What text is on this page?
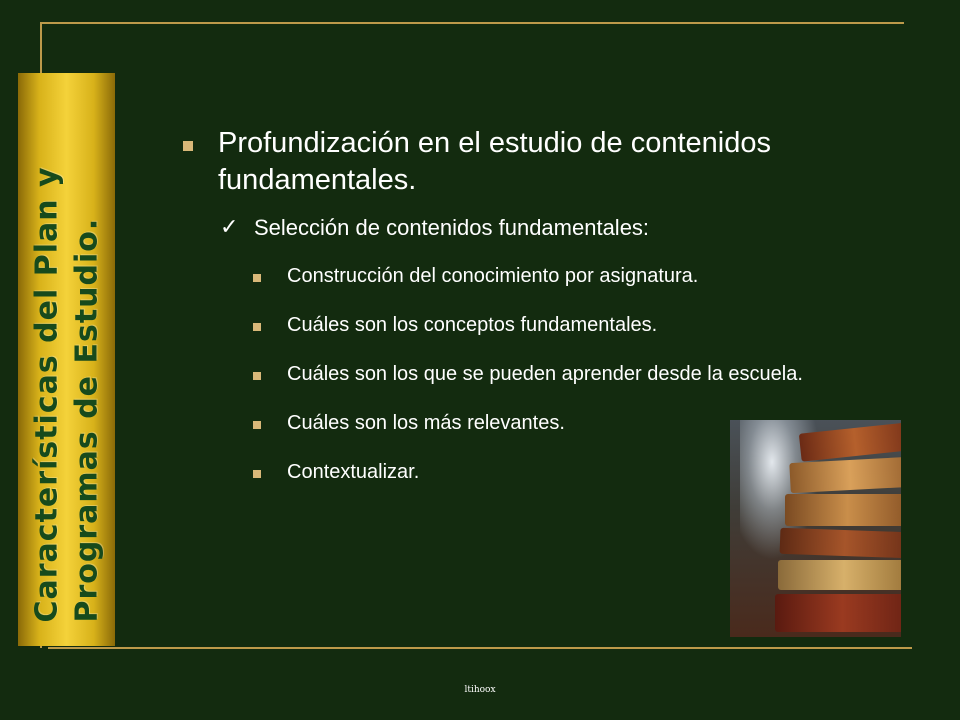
Características del Plan y Programas de Estudio.
Profundización en el estudio de contenidos fundamentales.
✓ Selección de contenidos fundamentales:
Construcción del conocimiento por asignatura.
Cuáles son los conceptos fundamentales.
Cuáles son los que se pueden aprender desde la escuela.
Cuáles son los más relevantes.
Contextualizar.
ltihoox
